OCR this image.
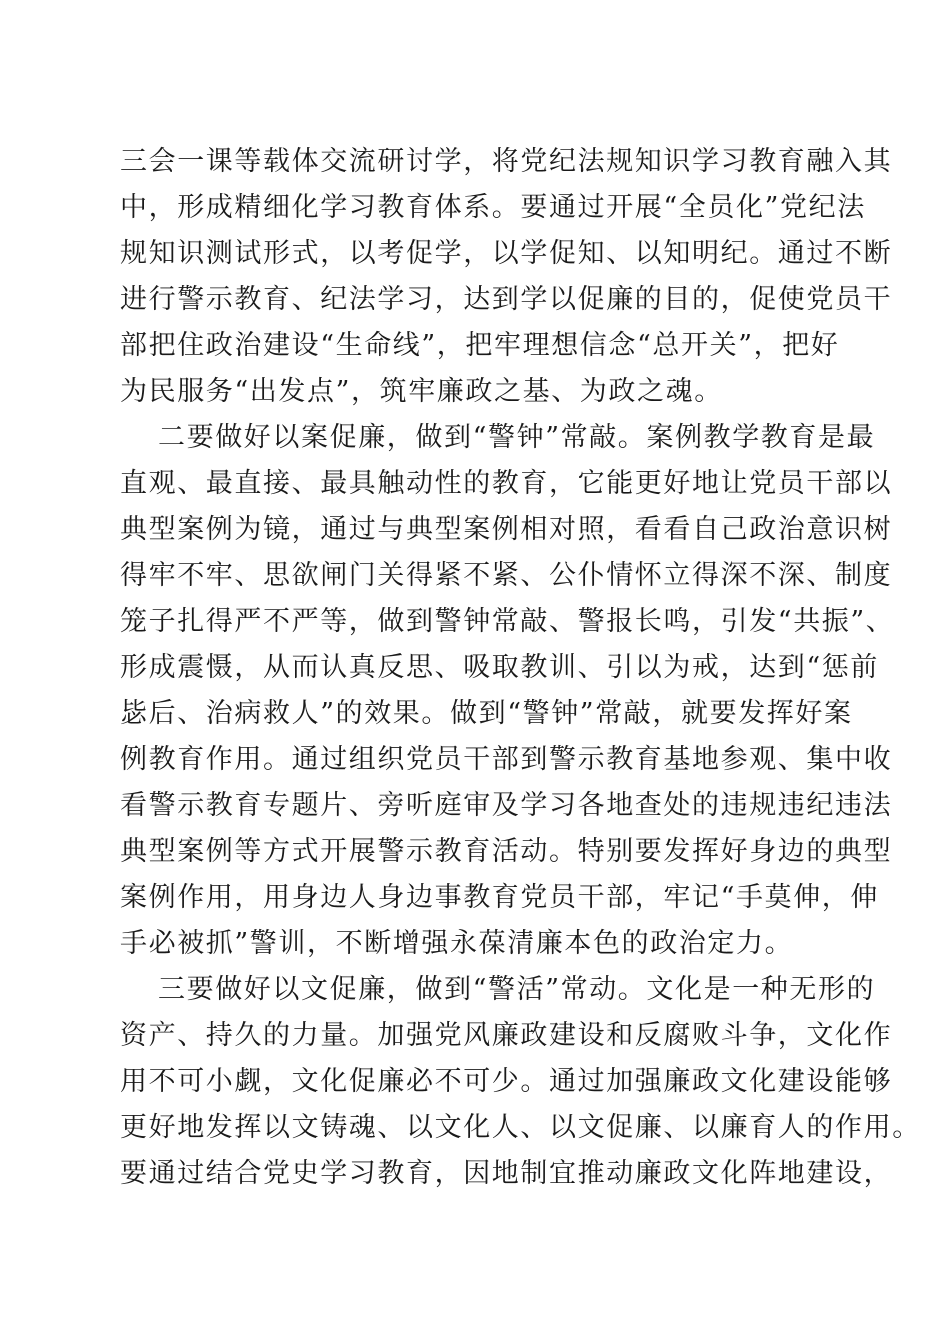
三会一课等载体交流研讨学，将党纪法规知识学习教育融入其
中，形成精细化学习教育体系。要通过开展“全员化”党纪法
规知识测试形式，以考促学，以学促知、以知明纪。通过不断
进行警示教育、纪法学习，达到学以促廉的目的，促使党员干
部把住政治建设“生命线”，把牢理想信念“总开关”，把好
为民服务“出发点”，筑牢廉政之基、为政之魂。
二要做好以案促廉，做到“警钟”常敲。案例教学教育是最
直观、最直接、最具触动性的教育，它能更好地让党员干部以
典型案例为镜，通过与典型案例相对照，看看自己政治意识树
得牢不牢、思欲闸门关得紧不紧、公仆情怀立得深不深、制度
笼子扎得严不严等，做到警钟常敲、警报长鸣，引发“共振”、
形成震慑，从而认真反思、吸取教训、引以为戒，达到“惩前
毖后、治病救人”的效果。做到“警钟”常敲，就要发挥好案
例教育作用。通过组织党员干部到警示教育基地参观、集中收
看警示教育专题片、旁听庭审及学习各地查处的违规违纪违法
典型案例等方式开展警示教育活动。特别要发挥好身边的典型
案例作用，用身边人身边事教育党员干部，牢记“手莫伸，伸
手必被抓”警训，不断增强永葆清廉本色的政治定力。
三要做好以文促廉，做到“警活”常动。文化是一种无形的
资产、持久的力量。加强党风廉政建设和反腐败斗争，文化作
用不可小觑，文化促廉必不可少。通过加强廉政文化建设能够
更好地发挥以文铸魂、以文化人、以文促廉、以廉育人的作用。
要通过结合党史学习教育，因地制宜推动廉政文化阵地建设，
